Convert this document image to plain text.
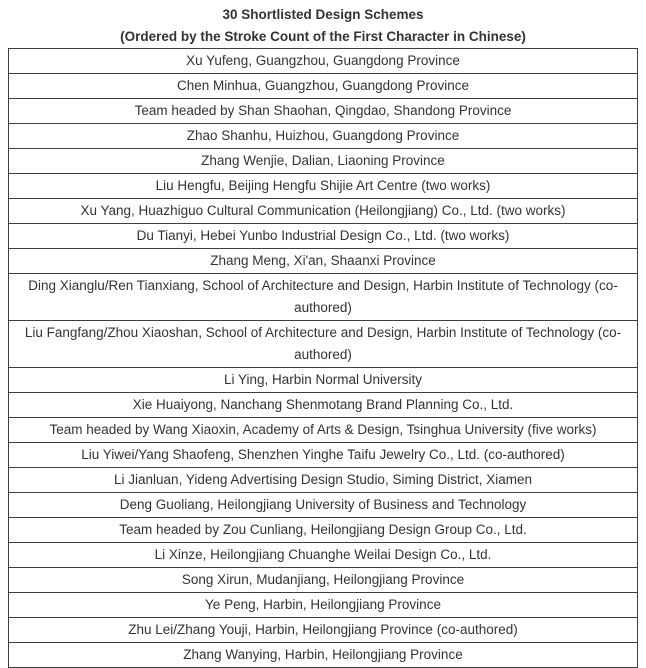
30 Shortlisted Design Schemes
(Ordered by the Stroke Count of the First Character in Chinese)
Xu Yufeng, Guangzhou, Guangdong Province
Chen Minhua, Guangzhou, Guangdong Province
Team headed by Shan Shaohan, Qingdao, Shandong Province
Zhao Shanhu, Huizhou, Guangdong Province
Zhang Wenjie, Dalian, Liaoning Province
Liu Hengfu, Beijing Hengfu Shijie Art Centre (two works)
Xu Yang, Huazhiguo Cultural Communication (Heilongjiang) Co., Ltd. (two works)
Du Tianyi, Hebei Yunbo Industrial Design Co., Ltd. (two works)
Zhang Meng, Xi'an, Shaanxi Province
Ding Xianglu/Ren Tianxiang, School of Architecture and Design, Harbin Institute of Technology (co-authored)
Liu Fangfang/Zhou Xiaoshan, School of Architecture and Design, Harbin Institute of Technology (co-authored)
Li Ying, Harbin Normal University
Xie Huaiyong, Nanchang Shenmotang Brand Planning Co., Ltd.
Team headed by Wang Xiaoxin, Academy of Arts & Design, Tsinghua University (five works)
Liu Yiwei/Yang Shaofeng, Shenzhen Yinghe Taifu Jewelry Co., Ltd. (co-authored)
Li Jianluan, Yideng Advertising Design Studio, Siming District, Xiamen
Deng Guoliang, Heilongjiang University of Business and Technology
Team headed by Zou Cunliang, Heilongjiang Design Group Co., Ltd.
Li Xinze, Heilongjiang Chuanghe Weilai Design Co., Ltd.
Song Xirun, Mudanjiang, Heilongjiang Province
Ye Peng, Harbin, Heilongjiang Province
Zhu Lei/Zhang Youji, Harbin, Heilongjiang Province (co-authored)
Zhang Wanying, Harbin, Heilongjiang Province
